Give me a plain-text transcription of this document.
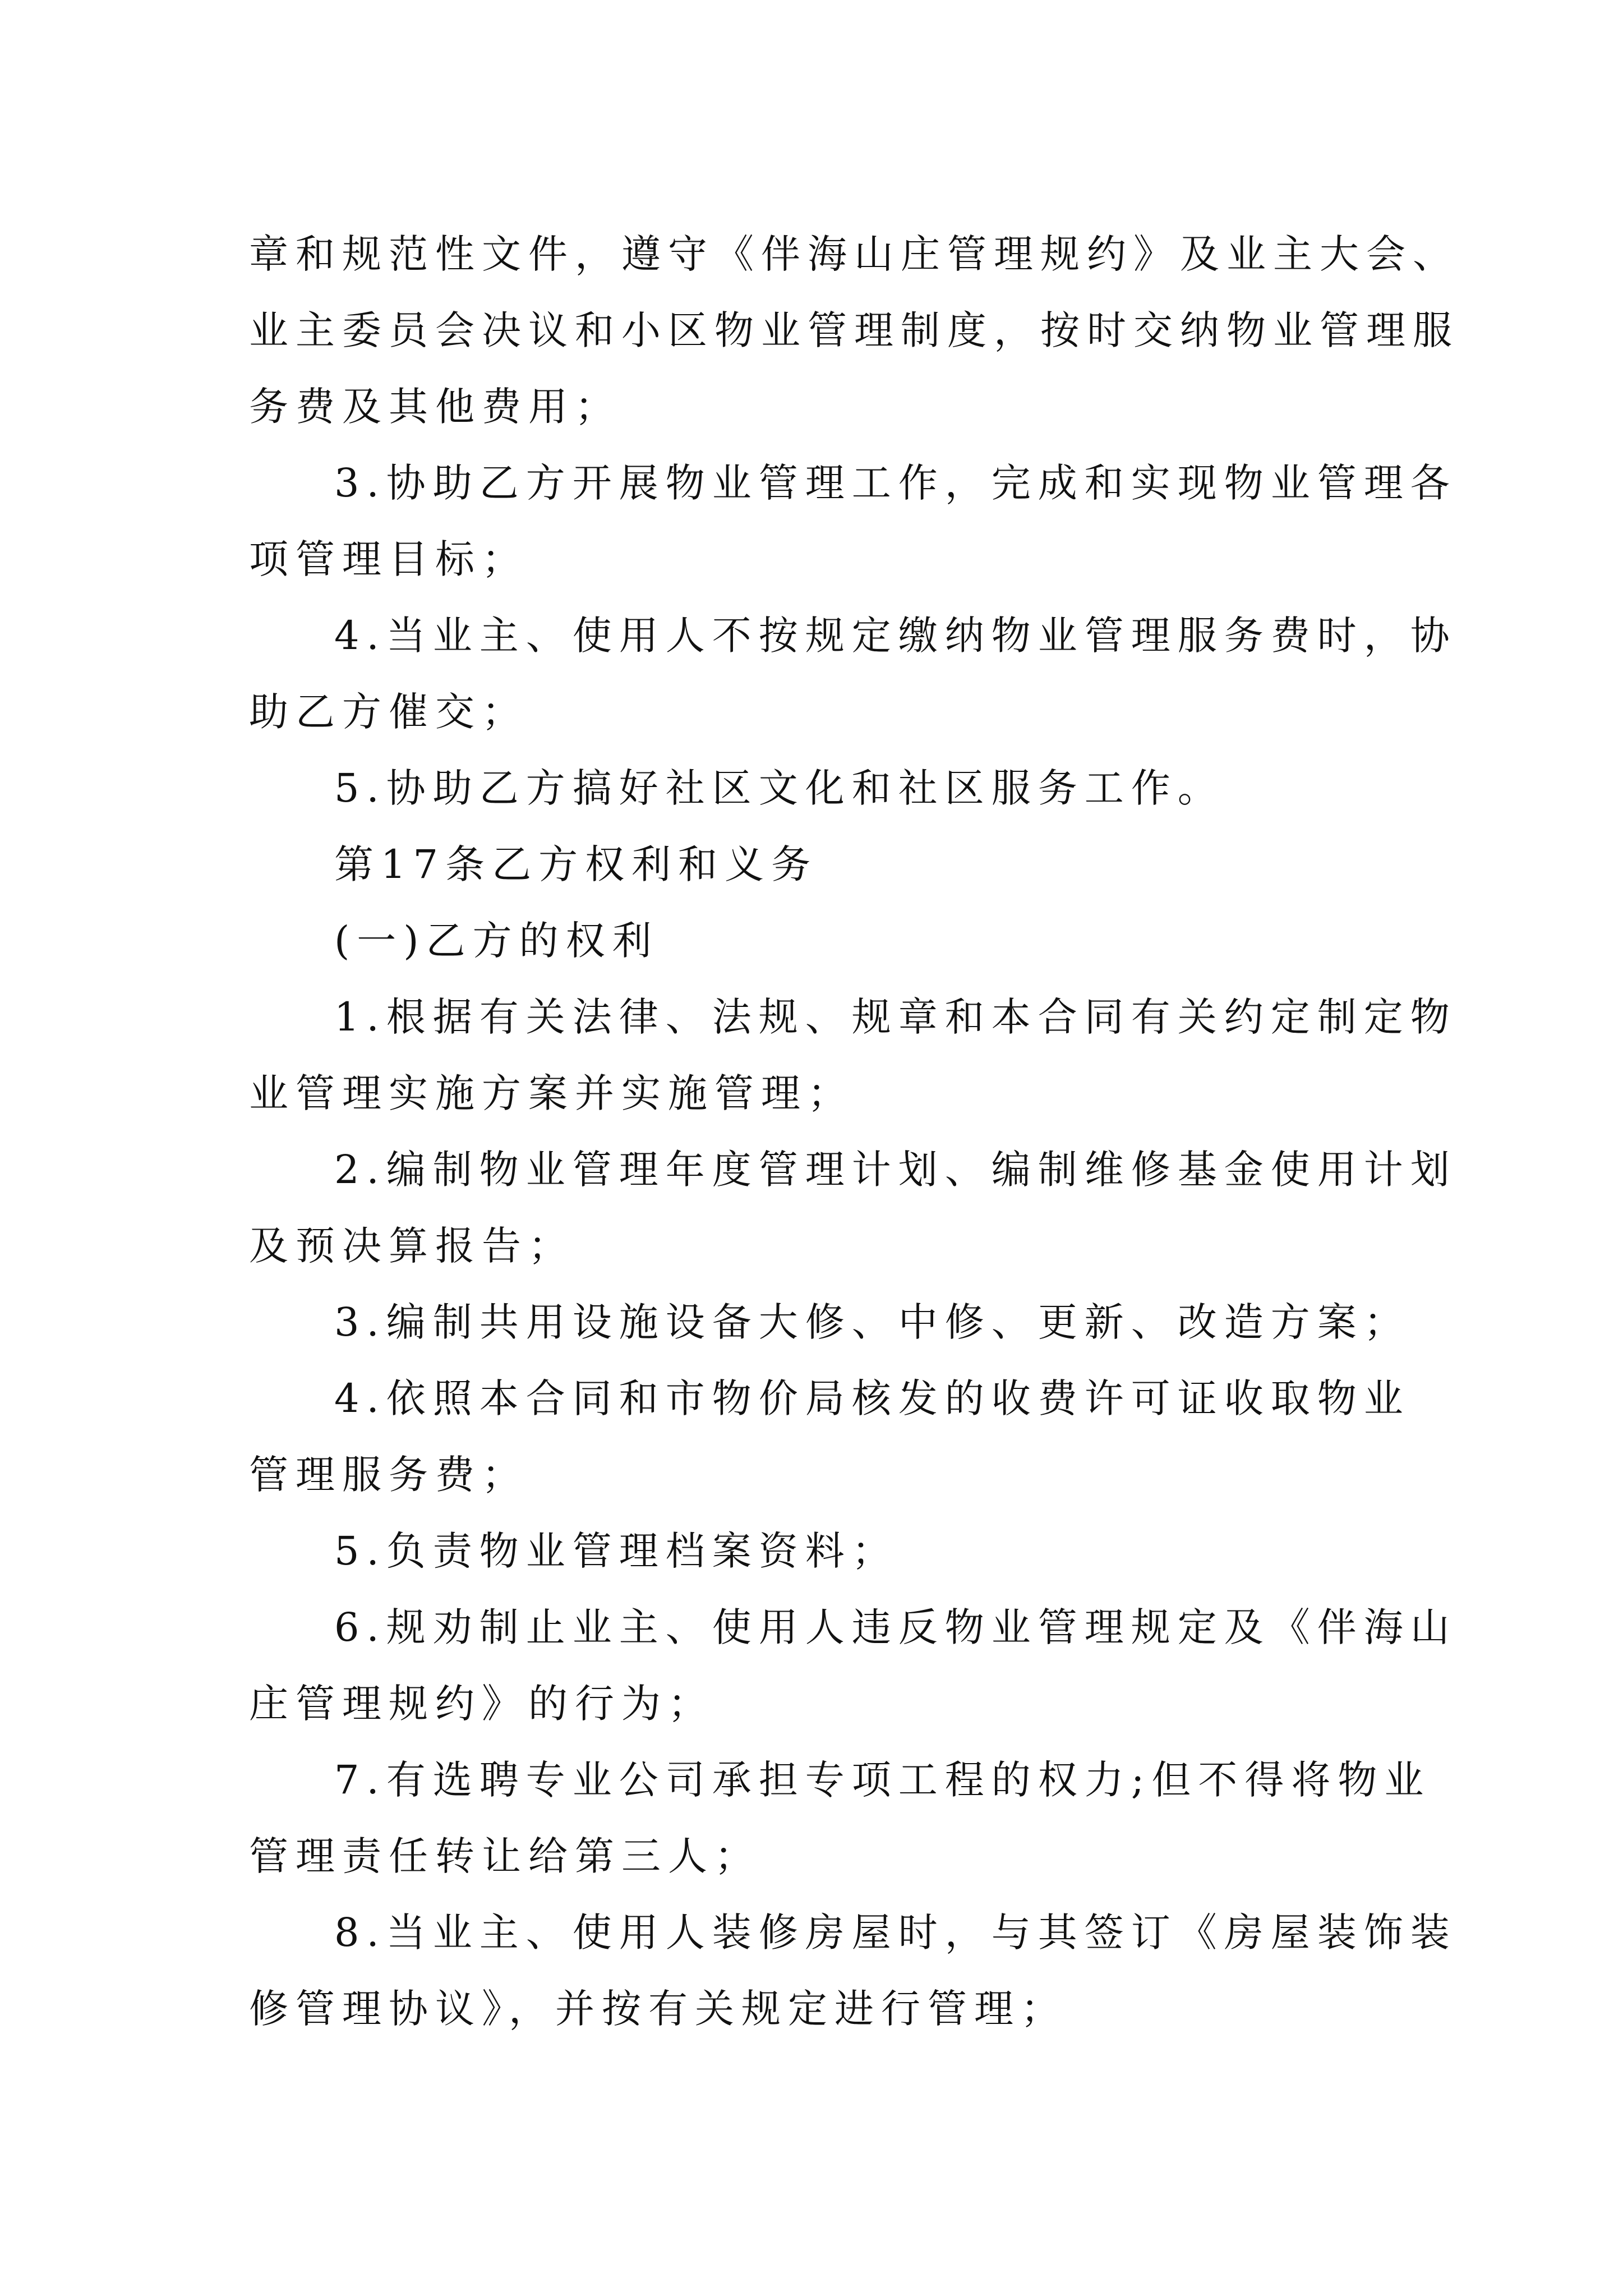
章和规范性文件，遵守《伴海山庄管理规约》及业主大会、
业主委员会决议和小区物业管理制度，按时交纳物业管理服
务费及其他费用；
3.协助乙方开展物业管理工作，完成和实现物业管理各
项管理目标；
4.当业主、使用人不按规定缴纳物业管理服务费时，协
助乙方催交；
5.协助乙方搞好社区文化和社区服务工作。
第17条乙方权利和义务
(一)乙方的权利
1.根据有关法律、法规、规章和本合同有关约定制定物
业管理实施方案并实施管理；
2.编制物业管理年度管理计划、编制维修基金使用计划
及预决算报告；
3.编制共用设施设备大修、中修、更新、改造方案；
4.依照本合同和市物价局核发的收费许可证收取物业
管理服务费；
5.负责物业管理档案资料；
6.规劝制止业主、使用人违反物业管理规定及《伴海山
庄管理规约》的行为；
7.有选聘专业公司承担专项工程的权力;但不得将物业
管理责任转让给第三人；
8.当业主、使用人装修房屋时，与其签订《房屋装饰装
修管理协议》，并按有关规定进行管理；
